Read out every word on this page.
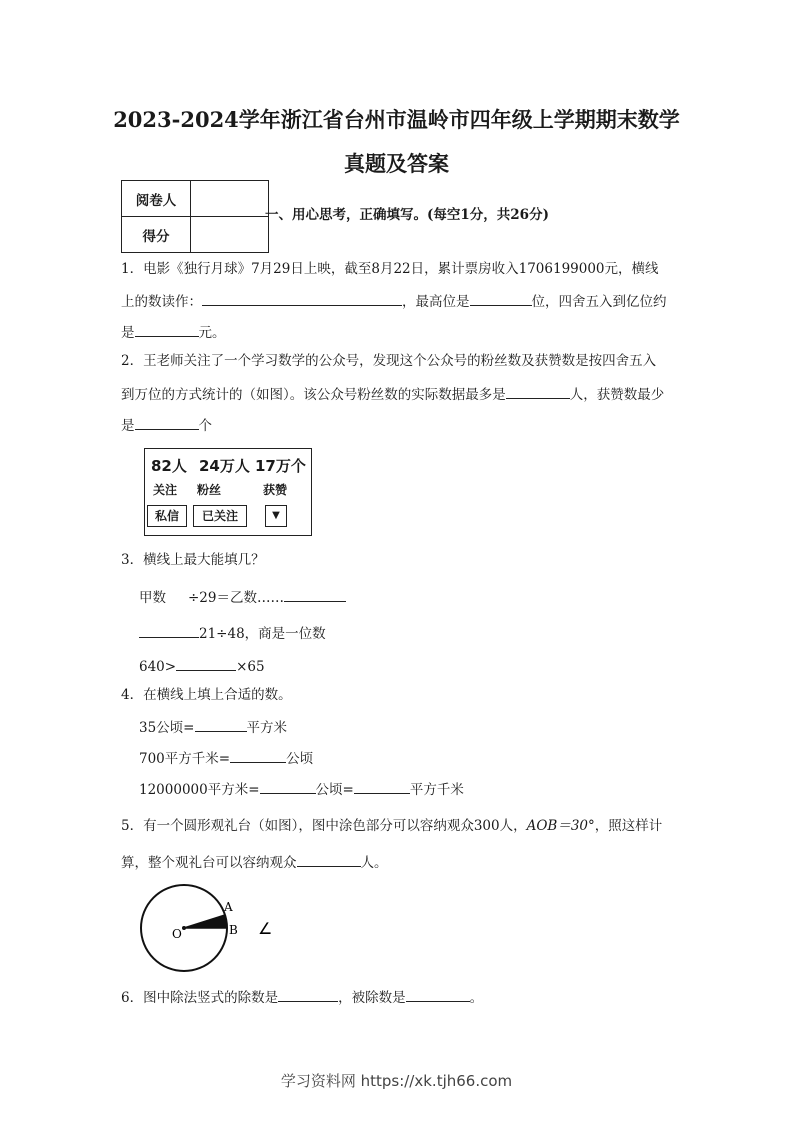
2023-2024学年浙江省台州市温岭市四年级上学期期末数学
真题及答案
阅卷人	
得分	
一、用心思考，正确填写。(每空1分，共26分)
1．电影《独行月球》7月29日上映，截至8月22日，累计票房收入1706199000元，横线
上的数读作：	，最高位是	位，四舍五入到亿位约
是	元。
2．王老师关注了一个学习数学的公众号，发现这个公众号的粉丝数及获赞数是按四舍五入
到万位的方式统计的（如图）。该公众号粉丝数的实际数据最多是	人，获赞数最少
是	个
82人 24万人 17万个
关注 粉丝	获赞
私信	已关注	▼
3．横线上最大能填几？
甲数 ÷29＝乙数……
21÷48，商是一位数
640>	×65
4．在横线上填上合适的数。
35公顷=	平方米
700平方千米=	公顷
12000000平方米=	公顷=	平方千米
5．有一个圆形观礼台（如图），图中涂色部分可以容纳观众300人，AOB＝30°，照这样计
算，整个观礼台可以容纳观众	人。
A
B
O	∠
6．图中除法竖式的除数是	，被除数是	。
学习资料网 https://xk.tjh66.com
